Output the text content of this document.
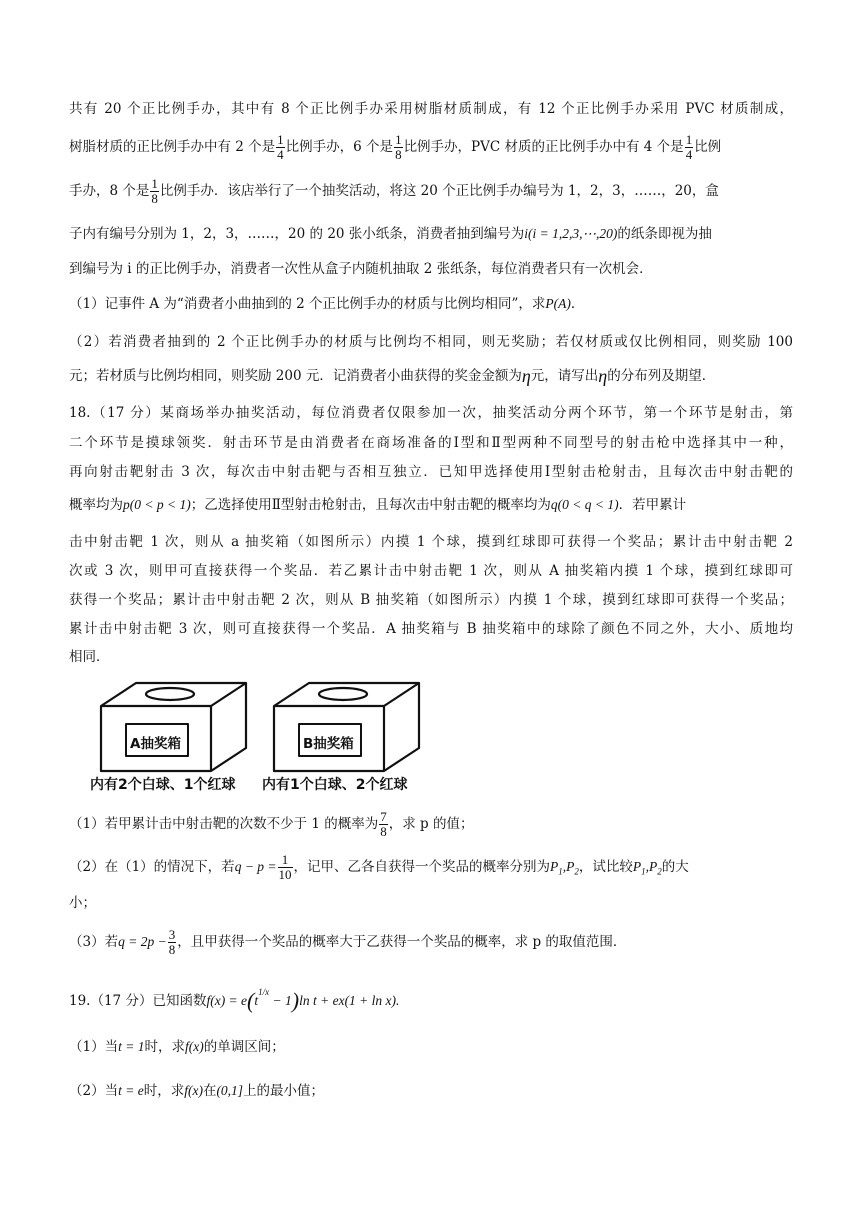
共有 20 个正比例手办，其中有 8 个正比例手办采用树脂材质制成，有 12 个正比例手办采用 PVC 材质制成，
树脂材质的正比例手办中有 2 个是 $\frac{1}{4}$ 比例手办，6 个是 $\frac{1}{8}$ 比例手办，PVC 材质的正比例手办中有 4 个是 $\frac{1}{4}$ 比例
手办，8 个是 $\frac{1}{8}$ 比例手办．该店举行了一个抽奖活动，将这 20 个正比例手办编号为 1，2，3，……，20，盒
子内有编号分别为 1，2，3，……，20 的 20 张小纸条，消费者抽到编号为i(i = 1,2,3,⋯,20)的纸条即视为抽
到编号为 i 的正比例手办，消费者一次性从盒子内随机抽取 2 张纸条，每位消费者只有一次机会．
（1）记事件 A 为“消费者小曲抽到的 2 个正比例手办的材质与比例均相同”，求P(A)．
（2）若消费者抽到的 2 个正比例手办的材质与比例均不相同，则无奖励；若仅材质或仅比例相同，则奖励 100
元；若材质与比例均相同，则奖励 200 元．记消费者小曲获得的奖金金额为η元，请写出η的分布列及期望．
18.（17 分）某商场举办抽奖活动，每位消费者仅限参加一次，抽奖活动分两个环节，第一个环节是射击，第
二个环节是摸球领奖．射击环节是由消费者在商场准备的Ⅰ型和Ⅱ型两种不同型号的射击枪中选择其中一种，
再向射击靶射击 3 次，每次击中射击靶与否相互独立．已知甲选择使用Ⅰ型射击枪射击，且每次击中射击靶的
概率均为p(0 < p < 1)；乙选择使用Ⅱ型射击枪射击，且每次击中射击靶的概率均为q(0 < q < 1)．若甲累计
击中射击靶 1 次，则从 a 抽奖箱（如图所示）内摸 1 个球，摸到红球即可获得一个奖品；累计击中射击靶 2
次或 3 次，则甲可直接获得一个奖品．若乙累计击中射击靶 1 次，则从 A 抽奖箱内摸 1 个球，摸到红球即可
获得一个奖品；累计击中射击靶 2 次，则从 B 抽奖箱（如图所示）内摸 1 个球，摸到红球即可获得一个奖品；
累计击中射击靶 3 次，则可直接获得一个奖品．A 抽奖箱与 B 抽奖箱中的球除了颜色不同之外，大小、质地均
相同．
A抽奖箱	B抽奖箱
内有2个白球、1个红球 内有1个白球、2个红球
（1）若甲累计击中射击靶的次数不少于 1 的概率为 $\frac{7}{8}$ ，求 p 的值；
（2）在（1）的情况下，若$q - p = \frac{1}{10}$ ，记甲、乙各自获得一个奖品的概率分别为$P_1,P_2$，试比较$P_1,P_2$的大
小；
（3）若$q = 2p - \frac{3}{8}$ ，且甲获得一个奖品的概率大于乙获得一个奖品的概率，求 p 的取值范围．
19.（17 分）已知函数$f(x) = e(t^{1/x} - 1)\ln$ t + ex(1 + ln x).
（1）当t = 1时，求f(x)的单调区间；
（2）当t = e时，求f(x)在(0,1]上的最小值；
